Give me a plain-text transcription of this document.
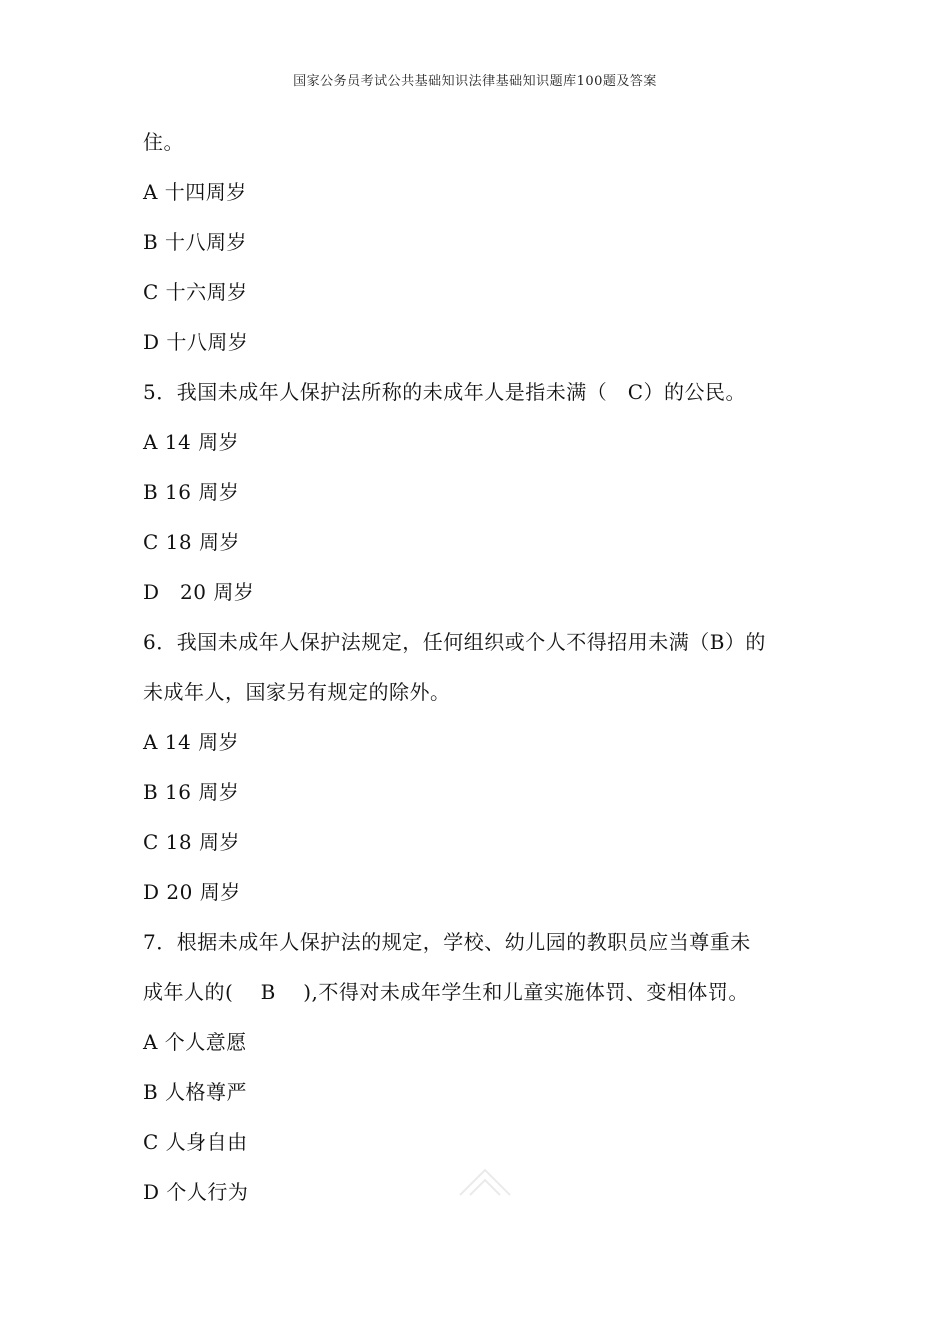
国家公务员考试公共基础知识法律基础知识题库100题及答案
住。
A 十四周岁
B 十八周岁
C 十六周岁
D 十八周岁
5．我国未成年人保护法所称的未成年人是指未满（　C）的公民。
A 14 周岁
B 16 周岁
C 18 周岁
D　20 周岁
6．我国未成年人保护法规定，任何组织或个人不得招用未满（B）的
未成年人，国家另有规定的除外。
A 14 周岁
B 16 周岁
C 18 周岁
D 20 周岁
7．根据未成年人保护法的规定，学校、幼儿园的教职员应当尊重未
成年人的(　 B　 ),不得对未成年学生和儿童实施体罚、变相体罚。
A 个人意愿
B 人格尊严
C 人身自由
D 个人行为
